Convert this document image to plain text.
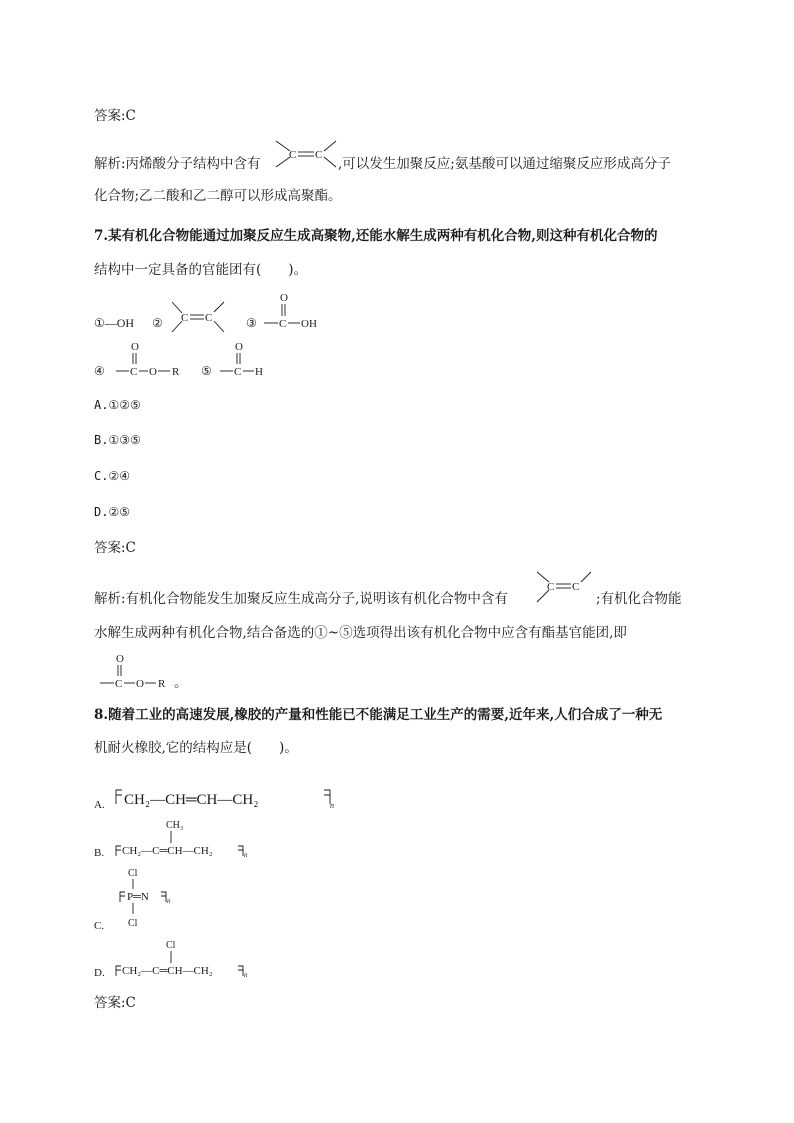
答案:C
解析:丙烯酸分子结构中含有
C C
,可以发生加聚反应;氨基酸可以通过缩聚反应形成高分子
化合物;乙二酸和乙二醇可以形成高聚酯。
7.某有机化合物能通过加聚反应生成高聚物,还能水解生成两种有机化合物,则这种有机化合物的
结构中一定具备的官能团有(　　)。
①—OH ② C C	③
O
C OH
④
O
C O R ⑤
O
C H
A.①②⑤
B.①③⑤
C.②④
D.②⑤
答案:C
解析:有机化合物能发生加聚反应生成高分子,说明该有机化合物中含有
C C
;有机化合物能
水解生成两种有机化合物,结合备选的①~⑤选项得出该有机化合物中应含有酯基官能团,即
O
C O R 。
8.随着工业的高速发展,橡胶的产量和性能已不能满足工业生产的需要,近年来,人们合成了一种无
机耐火橡胶,它的结构应是(　　)。
A. CH₂—CH═CH—CH₂	n
B.
CH₃
CH₂—C═CH—CH₂	n
Cl
P═N	n
Cl
C.
D.
Cl
CH₂—C═CH—CH₂	n
答案:C
